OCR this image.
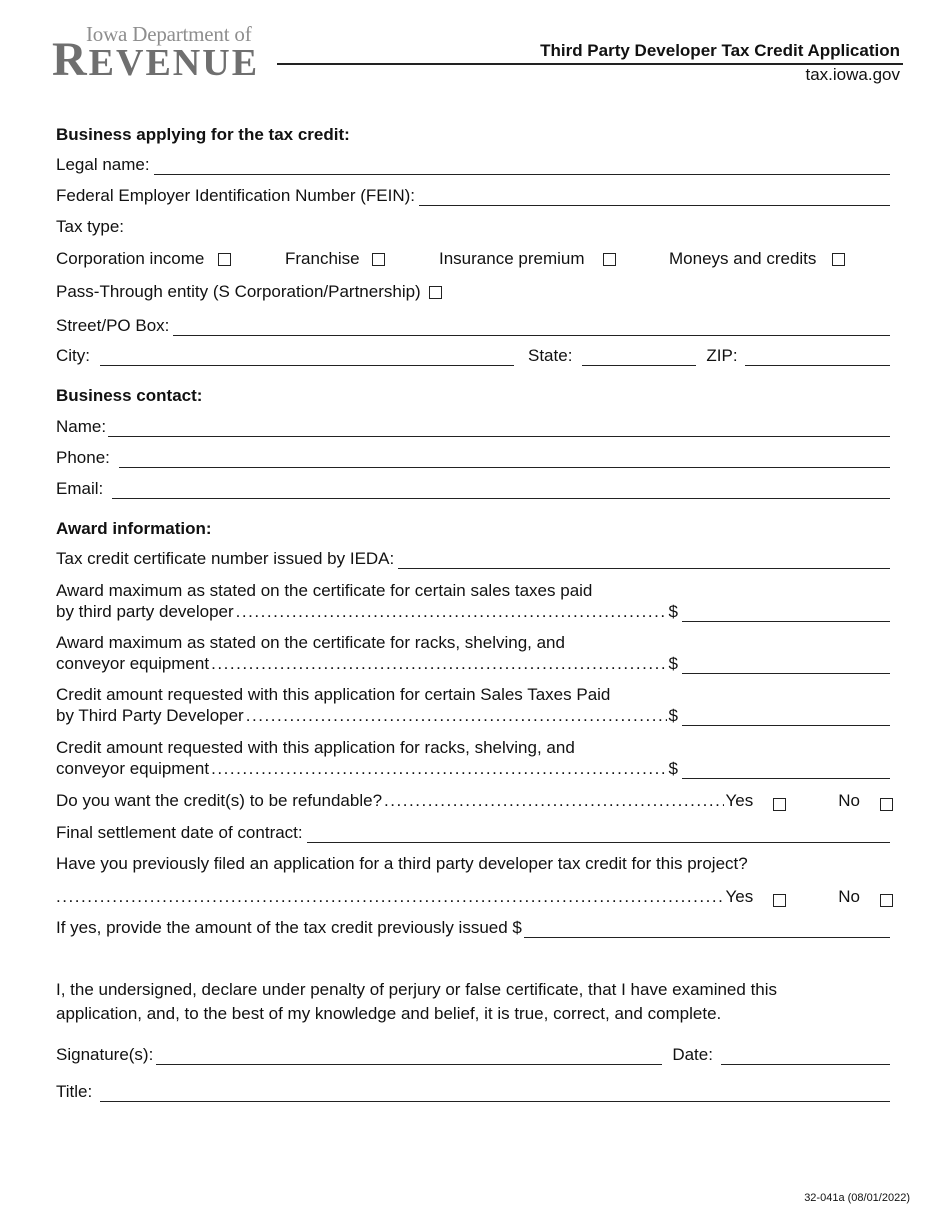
Iowa Department of
REVENUE	Third Party Developer Tax Credit Application
tax.iowa.gov
Business applying for the tax credit:
Legal name:
Federal Employer Identification Number (FEIN):
Tax type:
Corporation income	Franchise	Insurance premium	Moneys and credits
Pass-Through entity (S Corporation/Partnership)
Street/PO Box:
City:	State:	ZIP:
Business contact:
Name:
Phone:
Email:
Award information:
Tax credit certificate number issued by IEDA:
Award maximum as stated on the certificate for certain sales taxes paid
by third party developer . . .	$
Award maximum as stated on the certificate for racks, shelving, and
conveyor equipment . . .	$
Credit amount requested with this application for certain Sales Taxes Paid
by Third Party Developer . . .	$
Credit amount requested with this application for racks, shelving, and
conveyor equipment . . .	$
Do you want the credit(s) to be refundable? . . .	Yes	No
Final settlement date of contract:
Have you previously filed an application for a third party developer tax credit for this project?
. . .
Yes	No
If yes, provide the amount of the tax credit previously issued $
I, the undersigned, declare under penalty of perjury or false certificate, that I have examined this
application, and, to the best of my knowledge and belief, it is true, correct, and complete.
Signature(s):	Date:
Title:
32-041a (08/01/2022)
